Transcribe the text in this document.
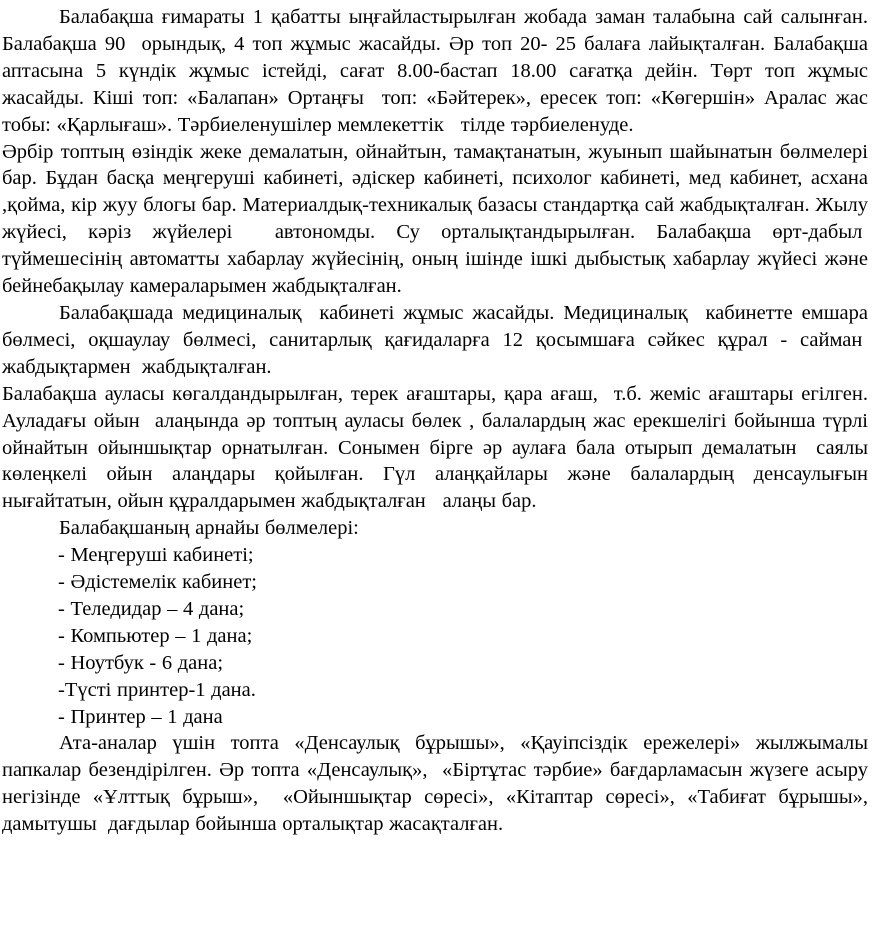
Балабақша ғимараты 1 қабатты ыңғайластырылған жобада заман талабына сай салынған. Балабақша 90  орындық, 4 топ жұмыс жасайды. Әр топ 20- 25 балаға лайықталған. Балабақша аптасына 5 күндік жұмыс істейді, сағат 8.00-бастап 18.00 сағатқа дейін. Төрт топ жұмыс жасайды. Кіші топ: «Балапан» Ортаңғы  топ: «Бәйтерек», ересек топ: «Көгершін» Аралас жас тобы: «Қарлығаш». Тәрбиеленушілер мемлекеттік   тілде тәрбиеленуде.

Әрбір топтың өзіндік жеке демалатын, ойнайтын, тамақтанатын, жуынып шайынатын бөлмелері бар. Бұдан басқа меңгеруші кабинеті, әдіскер кабинеті, психолог кабинеті, мед кабинет, асхана ,қойма, кір жуу блогы бар. Материалдық-техникалық базасы стандартқа сай жабдықталған. Жылу жүйесі, кәріз жүйелері  автономды. Су орталықтандырылған. Балабақша өрт-дабыл  түймешесінің автоматты хабарлау жүйесінің, оның ішінде ішкі дыбыстық хабарлау жүйесі және бейнебақылау камераларымен жабдықталған.

Балабақшада медициналық  кабинеті жұмыс жасайды. Медициналық  кабинетте емшара бөлмесі, оқшаулау бөлмесі, санитарлық қағидаларға 12 қосымшаға сәйкес құрал - сайман  жабдықтармен  жабдықталған.

Балабақша ауласы көгалдандырылған, терек ағаштары, қара ағаш,  т.б. жеміс ағаштары егілген. Ауладағы ойын  алаңында әр топтың ауласы бөлек , балалардың жас ерекшелігі бойынша түрлі ойнайтын ойыншықтар орнатылған. Сонымен бірге әр аулаға бала отырып демалатын  саялы көлеңкелі ойын алаңдары қойылған. Гүл алаңқайлары және балалардың денсаулығын нығайтатын, ойын құралдарымен жабдықталған   алаңы бар.

Балабақшаның арнайы бөлмелері:

- Меңгеруші кабинеті;

- Әдістемелік кабинет;

- Теледидар – 4 дана;

- Компьютер – 1 дана;

- Ноутбук - 6 дана;

-Түсті принтер-1 дана.

- Принтер – 1 дана

Ата-аналар үшін топта «Денсаулық бұрышы», «Қауіпсіздік ережелері» жылжымалы папкалар безендірілген. Әр топта «Денсаулық»,  «Біртұтас тәрбие» бағдарламасын жүзеге асыру негізінде «Ұлттық бұрыш»,  «Ойыншықтар сөресі», «Кітаптар сөресі», «Табиғат бұрышы», дамытушы  дағдылар бойынша орталықтар жасақталған.
